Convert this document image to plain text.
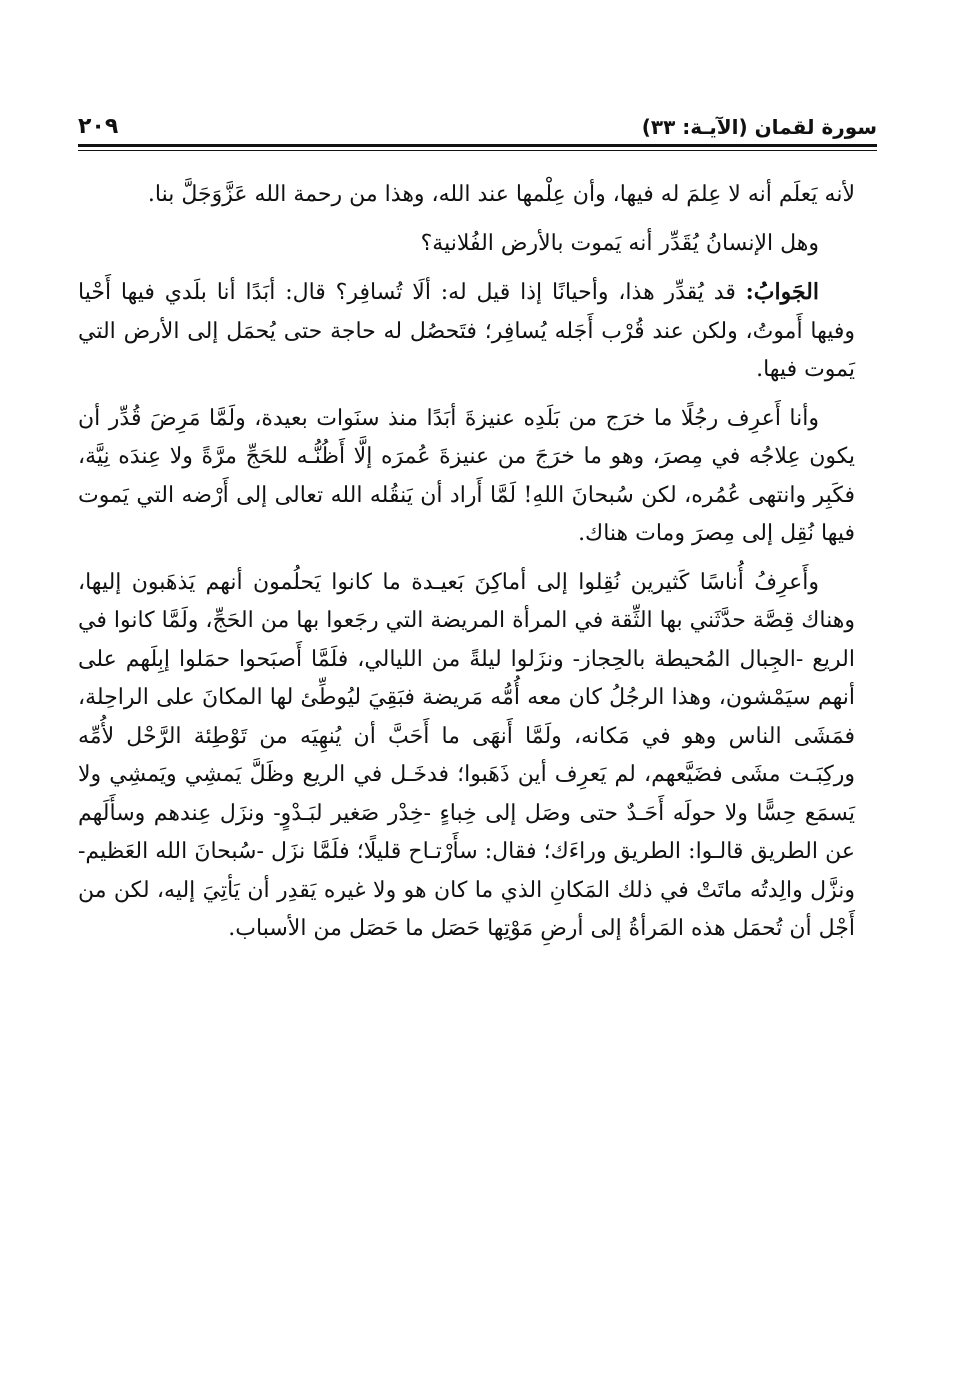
سورة لقمان (الآيـة: ٣٣)
٢٠٩

لأنه يَعلَم أنه لا عِلمَ له فيها، وأن عِلْمها عند الله، وهذا من رحمة الله عَزَّوَجَلَّ بنا.

وهل الإنسانُ يُقَدِّر أنه يَموت بالأرض الفُلانية؟

الجَوابُ: قد يُقدِّر هذا، وأحيانًا إذا قيل له: ألَا تُسافِر؟ قال: أبَدًا أنا بلَدي فيها أَحْيا وفيها أَموتُ، ولكن عند قُرْب أَجَله يُسافِر؛ فتَحصُل له حاجة حتى يُحمَل إلى الأرض التي يَموت فيها.

وأنا أَعرِف رجُلًا ما خرَج من بَلَدِه عنيزةَ أبَدًا منذ سنَوات بعيدة، ولَمَّا مَرِضَ قُدِّر أن يكون عِلاجُه في مِصرَ، وهو ما خرَجَ من عنيزةَ عُمرَه إلَّا أَظُنُّـه للحَجِّ مرَّةً ولا عِندَه نِيَّة، فكَبِر وانتهى عُمُره، لكن سُبحانَ اللهِ! لَمَّا أَراد أن يَنقُله الله تعالى إلى أَرْضه التي يَموت فيها نُقِل إلى مِصرَ ومات هناك.

وأَعرِفُ أُناسًا كَثيرين نُقِلوا إلى أماكِنَ بَعيـدة ما كانوا يَحلُمون أنهم يَذهَبون إليها، وهناك قِصَّة حدَّثَني بها الثِّقة في المرأة المريضة التي رجَعوا بها من الحَجِّ، ولَمَّا كانوا في الريع -الجِبال المُحيطة بالحِجاز- ونزَلوا ليلةً من الليالي، فلَمَّا أَصبَحوا حمَلوا إبِلَهم على أنهم سيَمْشون، وهذا الرجُلُ كان معه أُمُّه مَريضة فبَقِيَ ليُوطِّئ لها المكانَ على الراحِلة، فمَشَى الناس وهو في مَكانه، ولَمَّا أَنهَى ما أَحَبَّ أن يُنهِيَه من تَوْطِئة الرَّحْل لأُمِّه وركِبَـت مشَى فضَيَّعهم، لم يَعرِف أين ذَهَبوا؛ فدخَـل في الريع وظَلَّ يَمشِي ويَمشِي ولا يَسمَع حِسًّا ولا حولَه أَحَـدٌ حتى وصَل إلى خِباءٍ -خِدْر صَغير لبَـدْوٍ- ونزَل عِندهم وسأَلَهم عن الطريق قالـوا: الطريق وراءَك؛ فقال: سأَرْتـاح قليلًا؛ فلَمَّا نزَل -سُبحانَ الله العَظيم- ونزَّل والِدتُه ماتَتْ في ذلك المَكانِ الذي ما كان هو ولا غيره يَقدِر أن يَأتِيَ إليه، لكن من أَجْل أن تُحمَل هذه المَرأةُ إلى أرضِ مَوْتِها حَصَل ما حَصَل من الأسباب.
